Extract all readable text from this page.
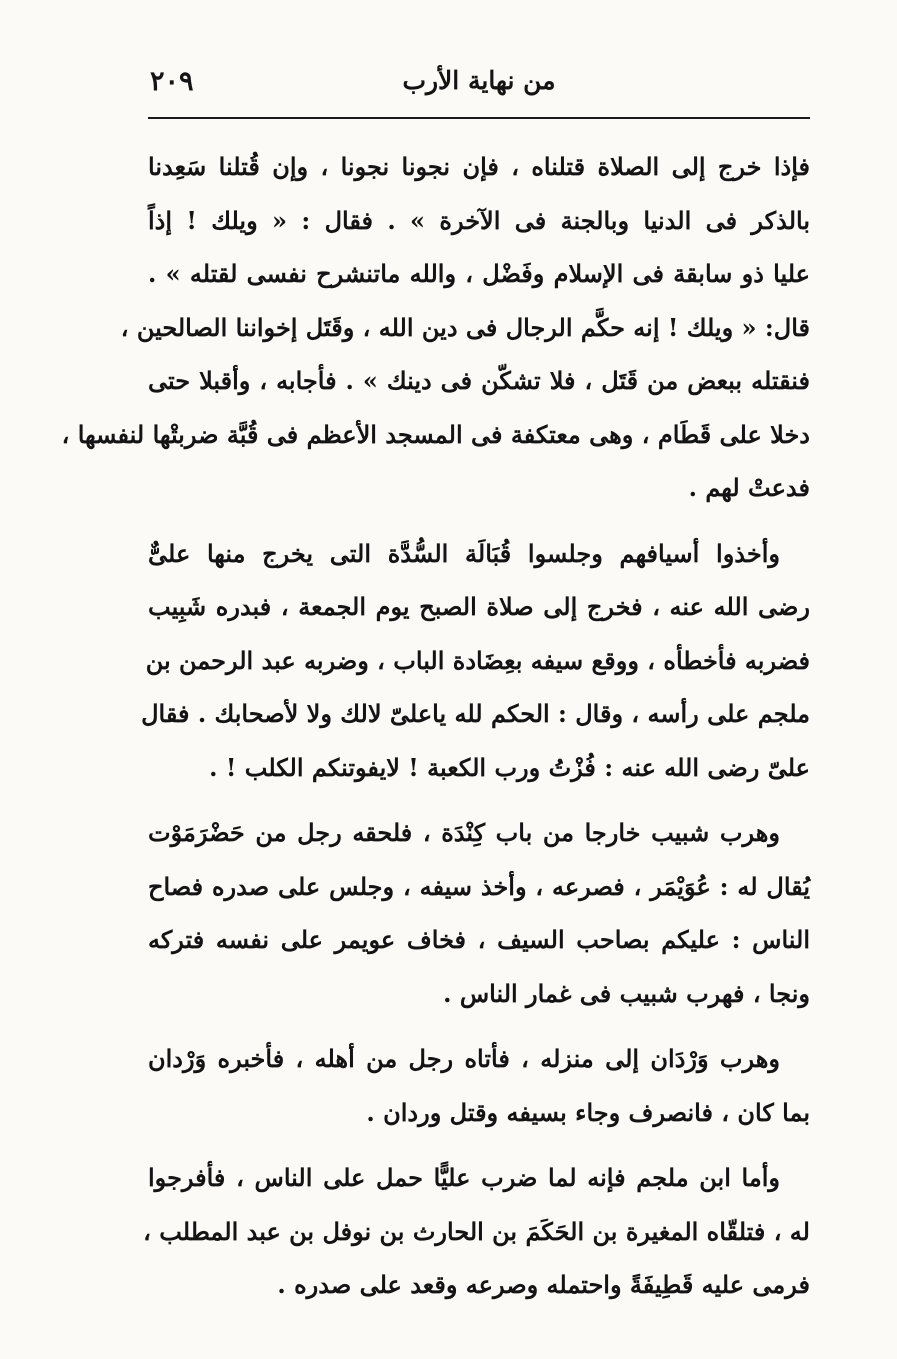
٢٠٩	من نهاية الأرب
فإذا خرج إلى الصلاة قتلناه ، فإن نجونا نجونا ، وإن قُتلنا سَعِدنا
بالذكر فى الدنيا وبالجنة فى الآخرة » . فقال : « ويلك ! إذاً
عليا ذو سابقة فى الإسلام وفَضْل ، والله ماتنشرح نفسى لقتله » .
قال: « ويلك ! إنه حكَّم الرجال فى دين الله ، وقَتَل إخواننا الصالحين ،
فنقتله ببعض من قَتَل ، فلا تشكّن فى دينك » . فأجابه ، وأقبلا حتى
دخلا على قَطَام ، وهى معتكفة فى المسجد الأعظم فى قُبَّة ضربتْها لنفسها ،
فدعتْ لهم .
وأخذوا أسيافهم وجلسوا قُبَالَة السُّدَّة التى يخرج منها علىٌّ
رضى الله عنه ، فخرج إلى صلاة الصبح يوم الجمعة ، فبدره شَبِيب
فضربه فأخطأه ، ووقع سيفه بعِضَادة الباب ، وضربه عبد الرحمن بن
ملجم على رأسه ، وقال : الحكم لله ياعلىّ لالك ولا لأصحابك . فقال
علىّ رضى الله عنه : فُزْتُ ورب الكعبة ! لايفوتنكم الكلب ! .
وهرب شبيب خارجا من باب كِنْدَة ، فلحقه رجل من حَضْرَمَوْت
يُقال له : عُوَيْمَر ، فصرعه ، وأخذ سيفه ، وجلس على صدره فصاح
الناس : عليكم بصاحب السيف ، فخاف عويمر على نفسه فتركه
ونجا ، فهرب شبيب فى غمار الناس .
وهرب وَرْدَان إلى منزله ، فأتاه رجل من أهله ، فأخبره وَرْدان
بما كان ، فانصرف وجاء بسيفه وقتل وردان .
وأما ابن ملجم فإنه لما ضرب عليًّا حمل على الناس ، فأفرجوا
له ، فتلقّاه المغيرة بن الحَكَمَ بن الحارث بن نوفل بن عبد المطلب ،
فرمى عليه قَطِيفَةً واحتمله وصرعه وقعد على صدره .
